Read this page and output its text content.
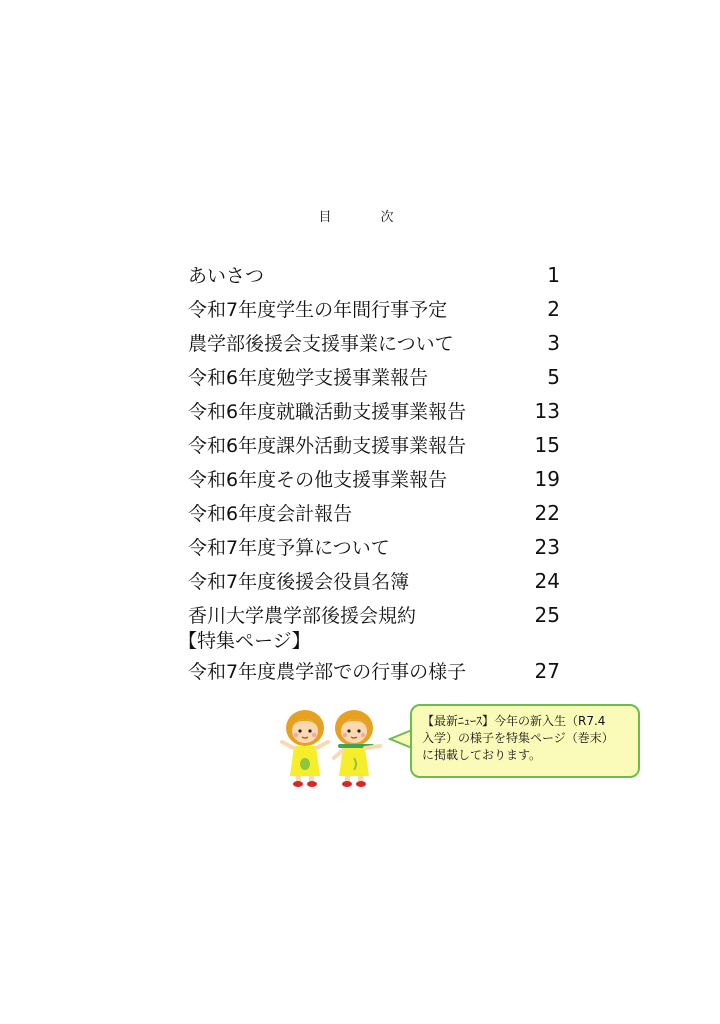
目　次
あいさつ	1
令和7年度学生の年間行事予定	2
農学部後援会支援事業について	3
令和6年度勉学支援事業報告	5
令和6年度就職活動支援事業報告	13
令和6年度課外活動支援事業報告	15
令和6年度その他支援事業報告	19
令和6年度会計報告	22
令和7年度予算について	23
令和7年度後援会役員名簿	24
香川大学農学部後援会規約	25
【特集ページ】
令和7年度農学部での行事の様子	27
【最新ﾆｭｰｽ】今年の新入生（R7.4
入学）の様子を特集ページ（巻末）
に掲載しております。
